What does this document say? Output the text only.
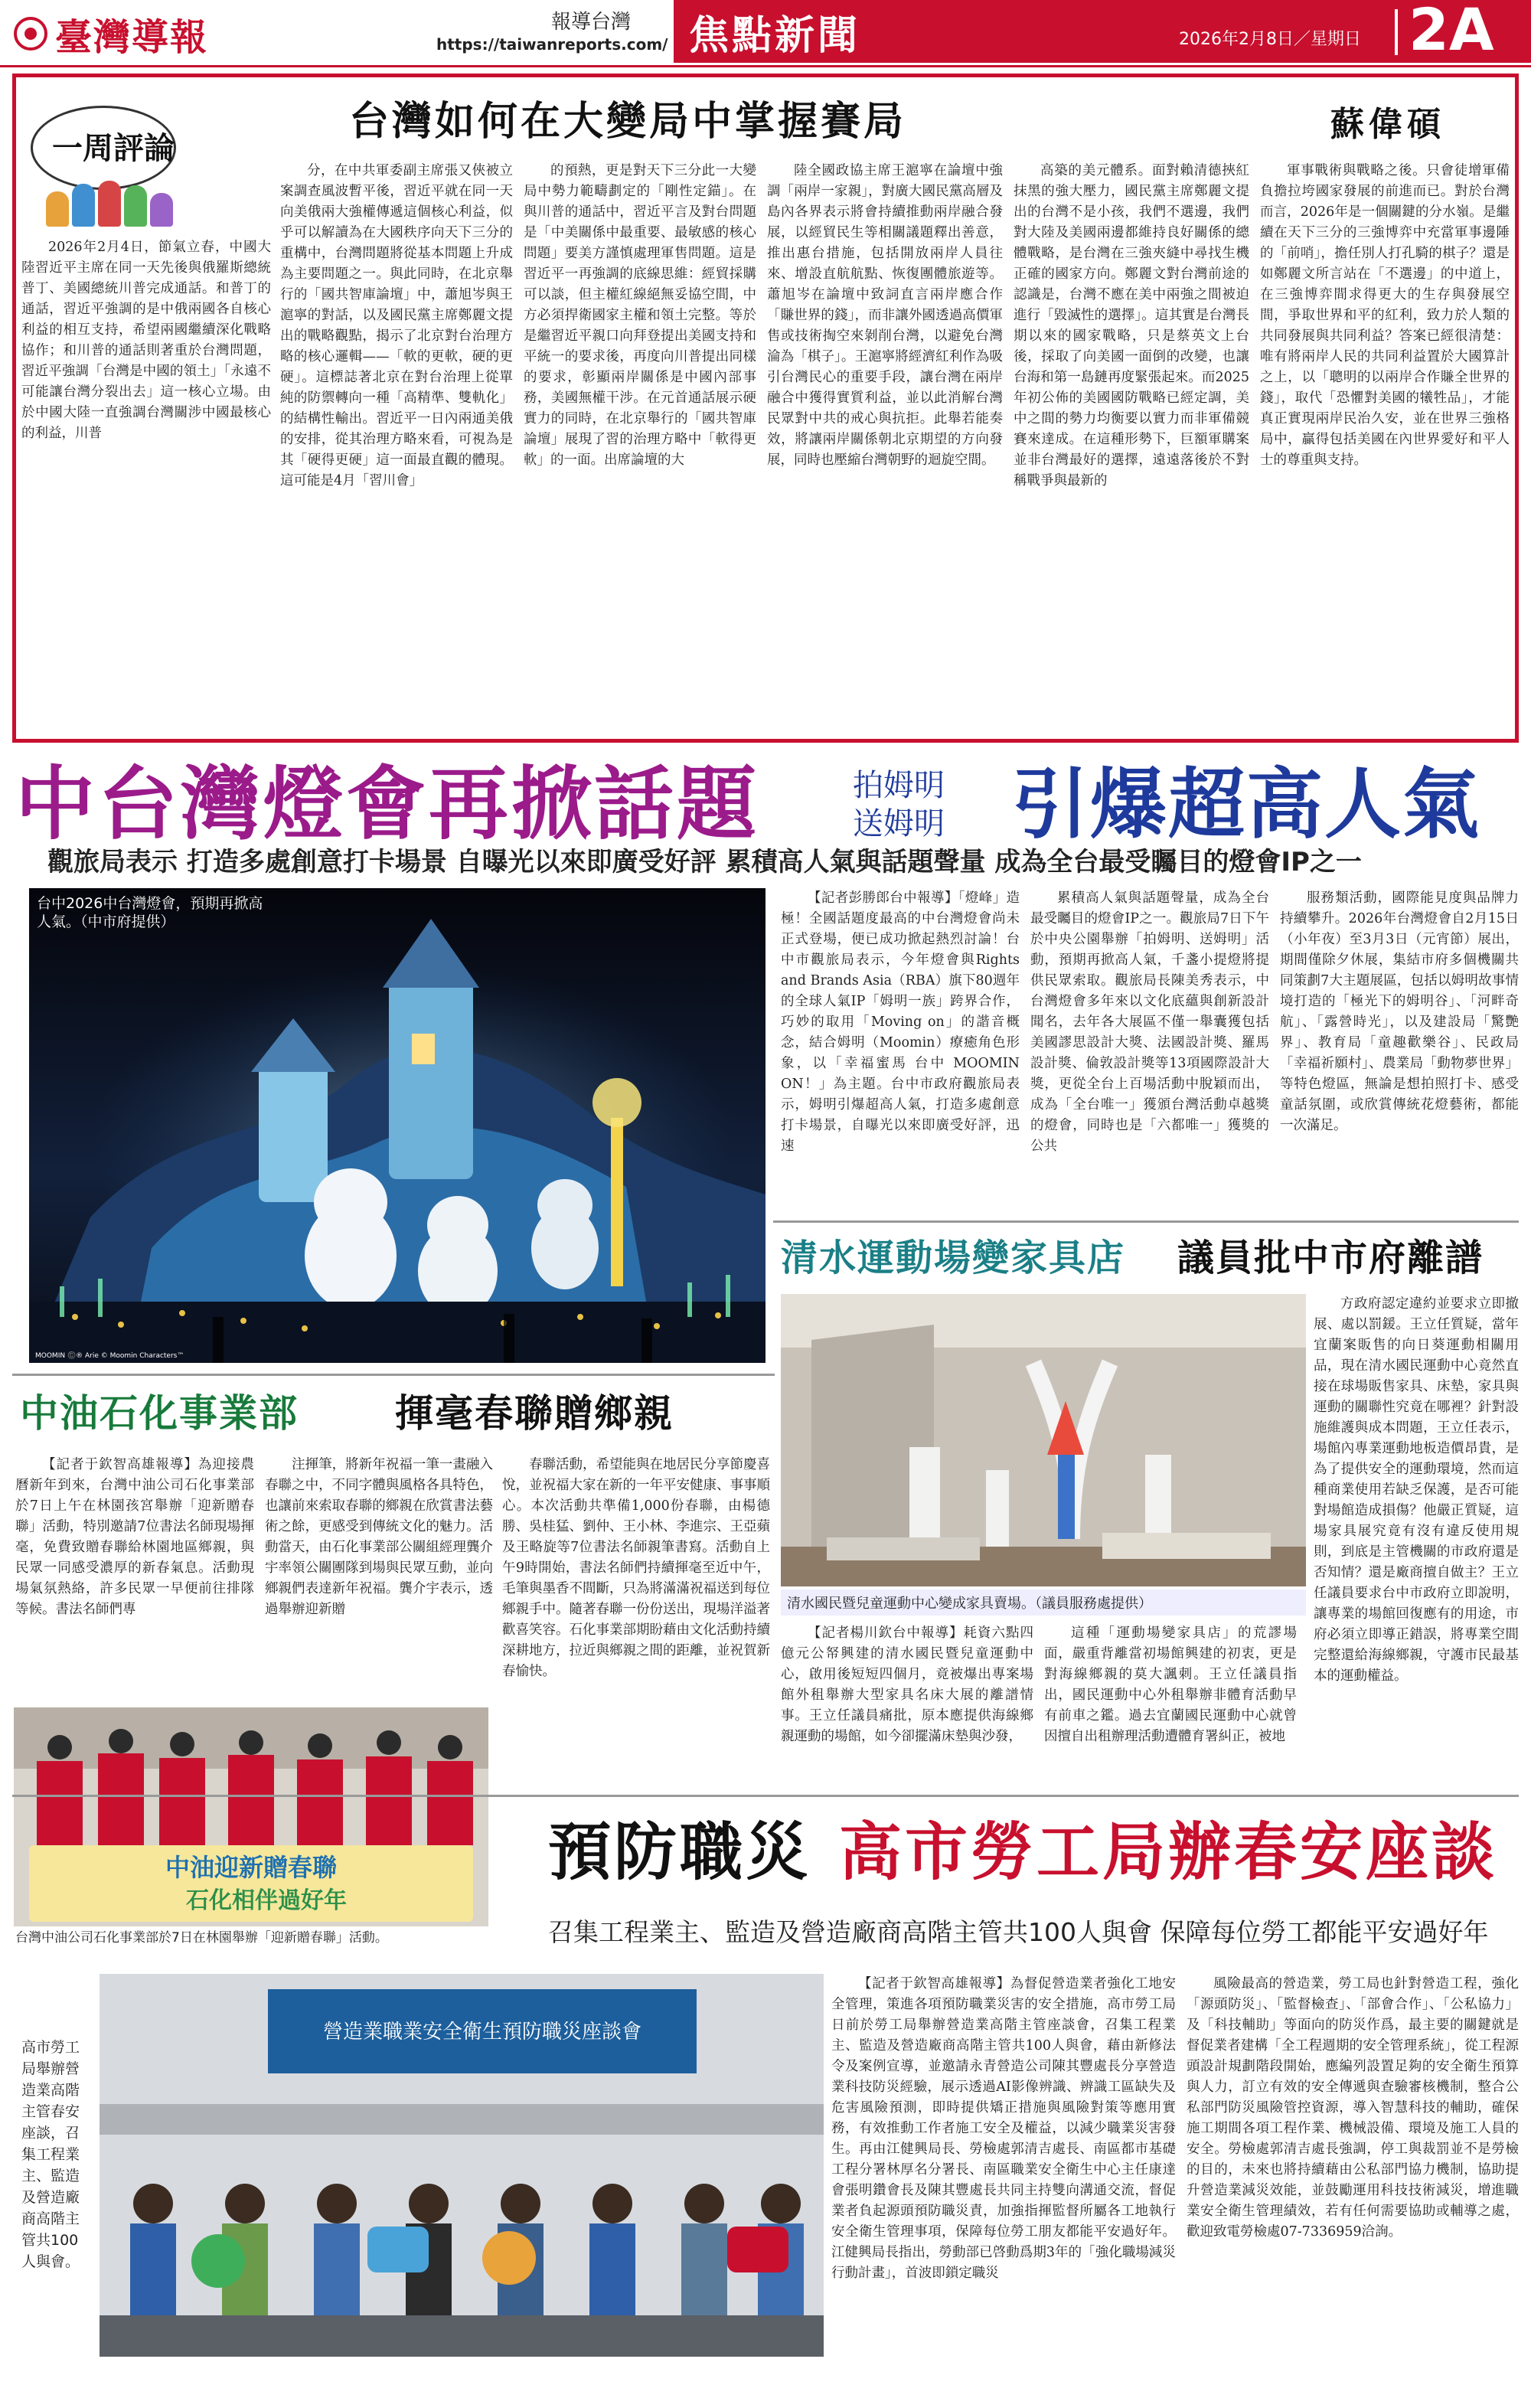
臺灣導報	報導台灣
https://taiwanreports.com/ 焦點新聞	2026年2月8日／星期日 2A
一周評論
台灣如何在大變局中掌握賽局	蘇偉碩

2026年2月4日，節氣立春，中國大陸習近平主席在同一天先後與俄羅斯總統普丁、美國總統川普完成通話。和普丁的通話，習近平強調的是中俄兩國各自核心利益的相互支持，希望兩國繼續深化戰略協作；和川普的通話則著重於台灣問題，習近平強調「台灣是中國的領土」「永遠不可能讓台灣分裂出去」這一核心立場。由於中國大陸一直強調台灣關涉中國最核心的利益，川普

分，在中共軍委副主席張又俠被立案調查風波暫平後，習近平就在同一天向美俄兩大強權傳遞這個核心利益，似乎可以解讀為在大國秩序向天下三分的重構中，台灣問題將從基本問題上升成為主要問題之一。與此同時，在北京舉行的「國共智庫論壇」中，蕭旭岑與王滬寧的對話，以及國民黨主席鄭麗文提出的戰略觀點，揭示了北京對台治理方略的核心邏輯——「軟的更軟，硬的更硬」。這標誌著北京在對台治理上從單純的防禦轉向一種「高精準、雙軌化」的結構性輸出。習近平一日內兩通美俄的安排，從其治理方略來看，可視為是其「硬得更硬」這一面最直觀的體現。這可能是4月「習川會」

的預熱，更是對天下三分此一大變局中勢力範疇劃定的「剛性定錨」。在與川普的通話中，習近平言及對台問題是「中美關係中最重要、最敏感的核心問題」要美方謹慎處理軍售問題。這是習近平一再強調的底線思維：經貿採購可以談，但主權紅線絕無妥協空間，中方必須捍衛國家主權和領土完整。等於是繼習近平親口向拜登提出美國支持和平統一的要求後，再度向川普提出同樣的要求，彰顯兩岸關係是中國內部事務，美國無權干涉。在元首通話展示硬實力的同時，在北京舉行的「國共智庫論壇」展現了習的治理方略中「軟得更軟」的一面。出席論壇的大

陸全國政協主席王滬寧在論壇中強調「兩岸一家親」，對廣大國民黨高層及島內各界表示將會持續推動兩岸融合發展，以經貿民生等相關議題釋出善意，推出惠台措施，包括開放兩岸人員往來、增設直航航點、恢復團體旅遊等。蕭旭岑在論壇中致詞直言兩岸應合作「賺世界的錢」，而非讓外國透過高價軍售或技術掏空來剝削台灣，以避免台灣淪為「棋子」。王滬寧將經濟紅利作為吸引台灣民心的重要手段，讓台灣在兩岸融合中獲得實質利益，並以此消解台灣民眾對中共的戒心與抗拒。此舉若能奏效，將讓兩岸關係朝北京期望的方向發展，同時也壓縮台灣朝野的迴旋空間。

高築的美元體系。面對賴清德挾紅抹黑的強大壓力，國民黨主席鄭麗文提出的台灣不是小孩，我們不選邊，我們對大陸及美國兩邊都維持良好關係的總體戰略，是台灣在三強夾縫中尋找生機正確的國家方向。鄭麗文對台灣前途的認識是，台灣不應在美中兩強之間被迫進行「毀滅性的選擇」。這其實是台灣長期以來的國家戰略，只是蔡英文上台後，採取了向美國一面倒的改變，也讓台海和第一島鏈再度緊張起來。而2025年初公佈的美國國防戰略已經定調，美中之間的勢力均衡要以實力而非軍備競賽來達成。在這種形勢下，巨額軍購案並非台灣最好的選擇，遠遠落後於不對稱戰爭與最新的

軍事戰術與戰略之後。只會徒增軍備負擔拉垮國家發展的前進而已。對於台灣而言，2026年是一個關鍵的分水嶺。是繼續在天下三分的三強博弈中充當軍事邊陲的「前哨」，擔任別人打孔騎的棋子？還是如鄭麗文所言站在「不選邊」的中道上，在三強博弈間求得更大的生存與發展空間，爭取世界和平的紅利，致力於人類的共同發展與共同利益？答案已經很清楚：唯有將兩岸人民的共同利益置於大國算計之上，以「聰明的以兩岸合作賺全世界的錢」，取代「恐懼對美國的犧牲品」，才能真正實現兩岸民治久安，並在世界三強格局中，贏得包括美國在內世界愛好和平人士的尊重與支持。

中台灣燈會再掀話題	拍姆明
送姆明 引爆超高人氣
觀旅局表示 打造多處創意打卡場景 自曝光以來即廣受好評 累積高人氣與話題聲量 成為全台最受矚目的燈會IP之一
台中2026中台灣燈會，預期再掀高人氣。（中市府提供）
MOOMIN ©️® Arie © Moomin Characters™

【記者彭勝郎台中報導】「燈峰」造極！全國話題度最高的中台灣燈會尚未正式登場，便已成功掀起熱烈討論！台中市觀旅局表示，今年燈會與Rights and Brands Asia（RBA）旗下80週年的全球人氣IP「姆明一族」跨界合作，巧妙的取用「Moving on」的諧音概念，結合姆明（Moomin）療癒角色形象，以「幸福蜜馬 台中 MOOMIN ON！」為主題。台中市政府觀旅局表示，姆明引爆超高人氣，打造多處創意打卡場景，自曝光以來即廣受好評，迅速

累積高人氣與話題聲量，成為全台最受矚目的燈會IP之一。觀旅局7日下午於中央公園舉辦「拍姆明、送姆明」活動，預期再掀高人氣，千盞小提燈將提供民眾索取。觀旅局長陳美秀表示，中台灣燈會多年來以文化底蘊與創新設計聞名，去年各大展區不僅一舉囊獲包括美國謬思設計大獎、法國設計獎、羅馬設計獎、倫敦設計獎等13項國際設計大獎，更從全台上百場活動中脫穎而出，成為「全台唯一」獲頒台灣活動卓越獎的燈會，同時也是「六都唯一」獲獎的公共

服務類活動，國際能見度與品牌力持續攀升。2026年台灣燈會自2月15日（小年夜）至3月3日（元宵節）展出，期間僅除夕休展，集結市府多個機關共同策劃7大主題展區，包括以姆明故事情境打造的「極光下的姆明谷」、「河畔奇航」、「露營時光」，以及建設局「驚艷界」、教育局「童趣歡樂谷」、民政局「幸福祈願村」、農業局「動物夢世界」等特色燈區，無論是想拍照打卡、感受童話氛圍，或欣賞傳統花燈藝術，都能一次滿足。

清水運動場變家具店 議員批中市府離譜
清水國民暨兒童運動中心變成家具賣場。（議員服務處提供）

【記者楊川欽台中報導】耗資六點四億元公帑興建的清水國民暨兒童運動中心，啟用後短短四個月，竟被爆出專案場館外租舉辦大型家具名床大展的離譜情事。王立任議員痛批，原本應提供海線鄉親運動的場館，如今卻擺滿床墊與沙發，

這種「運動場變家具店」的荒謬場面，嚴重背離當初場館興建的初衷，更是對海線鄉親的莫大諷刺。王立任議員指出，國民運動中心外租舉辦非體育活動早有前車之鑑。過去宜蘭國民運動中心就曾因擅自出租辦理活動遭體育署糾正，被地

方政府認定違約並要求立即撤展、處以罰鍰。王立任質疑，當年宜蘭案販售的向日葵運動相關用品，現在清水國民運動中心竟然直接在球場販售家具、床墊，家具與運動的關聯性究竟在哪裡？針對設施維護與成本問題，王立任表示，場館內專業運動地板造價昂貴，是為了提供安全的運動環境，然而這種商業使用若缺乏保護，是否可能對場館造成損傷？他嚴正質疑，這場家具展究竟有沒有違反使用規則，到底是主管機關的市政府還是否知情？還是廠商擅自做主？王立任議員要求台中市政府立即說明，讓專業的場館回復應有的用途，市府必須立即導正錯誤，將專業空間完整還給海線鄉親，守護市民最基本的運動權益。

中油石化事業部	揮毫春聯贈鄉親

【記者于欽智高雄報導】為迎接農曆新年到來，台灣中油公司石化事業部於7日上午在林園孩宮舉辦「迎新贈春聯」活動，特別邀請7位書法名師現場揮毫，免費致贈春聯給林園地區鄉親，與民眾一同感受濃厚的新春氣息。活動現場氣氛熱絡，許多民眾一早便前往排隊等候。書法名師們專

注揮筆，將新年祝福一筆一畫融入春聯之中，不同字體與風格各具特色，也讓前來索取春聯的鄉親在欣賞書法藝術之餘，更感受到傳統文化的魅力。活動當天，由石化事業部公關組經理龔介宇率領公關團隊到場與民眾互動，並向鄉親們表達新年祝福。龔介宇表示，透過舉辦迎新贈

春聯活動，希望能與在地居民分享節慶喜悅，並祝福大家在新的一年平安健康、事事順心。本次活動共準備1,000份春聯，由楊德勝、吳桂猛、劉仲、王小林、李進宗、王亞蘋及王略旋等7位書法名師親筆書寫。活動自上午9時開始，書法名師們持續揮毫至近中午，毛筆與墨香不間斷，只為將滿滿祝福送到每位鄉親手中。隨著春聯一份份送出，現場洋溢著歡喜笑容。石化事業部期盼藉由文化活動持續深耕地方，拉近與鄉親之間的距離，並祝賀新春愉快。

中油迎新贈春聯
石化相伴過好年
台灣中油公司石化事業部於7日在林園舉辦「迎新贈春聯」活動。
預防職災 高市勞工局辦春安座談
召集工程業主、監造及營造廠商高階主管共100人與會 保障每位勞工都能平安過好年
高市勞工局舉辦營造業高階主管春安座談，召集工程業主、監造及營造廠商高階主管共100人與會。
營造業職業安全衛生預防職災座談會

【記者于欽智高雄報導】為督促營造業者強化工地安全管理，策進各項預防職業災害的安全措施，高市勞工局日前於勞工局舉辦營造業高階主管座談會，召集工程業主、監造及營造廠商高階主管共100人與會，藉由新修法令及案例宣導，並邀請永青營造公司陳其豐處長分享營造業科技防災經驗，展示透過AI影像辨識、辨識工區缺失及危害風險預測，即時提供矯正措施與風險對策等應用實務，有效推動工作者施工安全及權益，以減少職業災害發生。再由江健興局長、勞檢處郭清吉處長、南區都市基礎工程分署林厚名分署長、南區職業安全衛生中心主任康達會張明鑽會長及陳其豐處長共同主持雙向溝通交流，督促業者負起源頭預防職災責，加強指揮監督所屬各工地執行安全衛生管理事項，保障每位勞工朋友都能平安過好年。江健興局長指出，勞動部已啓動爲期3年的「強化職場減災行動計畫」，首波即鎖定職災

風險最高的營造業，勞工局也針對營造工程，強化「源頭防災」、「監督檢查」、「部會合作」、「公私協力」及「科技輔助」等面向的防災作爲，最主要的關鍵就是督促業者建構「全工程週期的安全管理系統」，從工程源頭設計規劃階段開始，應編列設置足夠的安全衛生預算與人力，訂立有效的安全傳遞與查驗審核機制，整合公私部門防災風險管控資源，導入智慧科技的輔助，確保施工期間各項工程作業、機械設備、環境及施工人員的安全。勞檢處郭清吉處長強調，停工與裁罰並不是勞檢的目的，未來也將持續藉由公私部門協力機制，協助提升營造業減災效能，並鼓勵運用科技技術減災，增進職業安全衛生管理績效，若有任何需要協助或輔導之處，歡迎致電勞檢處07-7336959洽詢。
